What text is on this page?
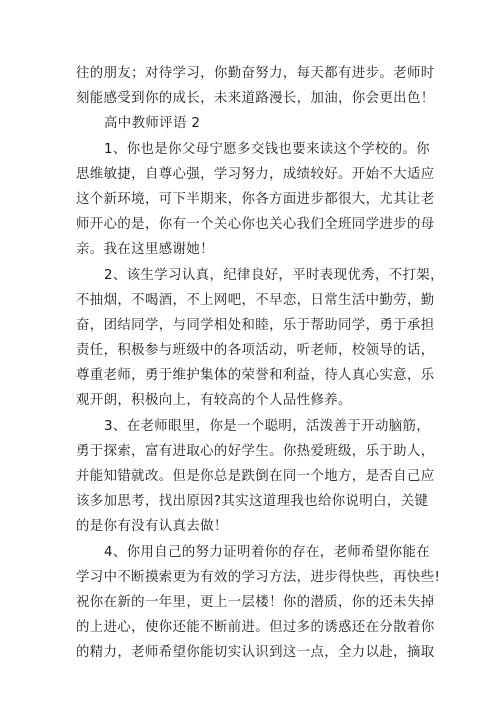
往的朋友；对待学习，你勤奋努力，每天都有进步。老师时
刻能感受到你的成长，未来道路漫长，加油，你会更出色！
高中教师评语 2
1、你也是你父母宁愿多交钱也要来读这个学校的。你
思维敏捷，自尊心强，学习努力，成绩较好。开始不大适应
这个新环境，可下半期来，你各方面进步都很大，尤其让老
师开心的是，你有一个关心你也关心我们全班同学进步的母
亲。我在这里感谢她！
2、该生学习认真，纪律良好，平时表现优秀，不打架，
不抽烟，不喝酒，不上网吧，不早恋，日常生活中勤劳，勤
奋，团结同学，与同学相处和睦，乐于帮助同学，勇于承担
责任，积极参与班级中的各项活动，听老师，校领导的话，
尊重老师，勇于维护集体的荣誉和利益，待人真心实意，乐
观开朗，积极向上，有较高的个人品性修养。
3、在老师眼里，你是一个聪明，活泼善于开动脑筋，
勇于探索，富有进取心的好学生。你热爱班级，乐于助人，
并能知错就改。但是你总是跌倒在同一个地方，是否自己应
该多加思考，找出原因?其实这道理我也给你说明白，关键
的是你有没有认真去做！
4、你用自己的努力证明着你的存在，老师希望你能在
学习中不断摸索更为有效的学习方法，进步得快些，再快些!
祝你在新的一年里，更上一层楼！你的潜质，你的还未失掉
的上进心，使你还能不断前进。但过多的诱惑还在分散着你
的精力，老师希望你能切实认识到这一点，全力以赴，摘取
